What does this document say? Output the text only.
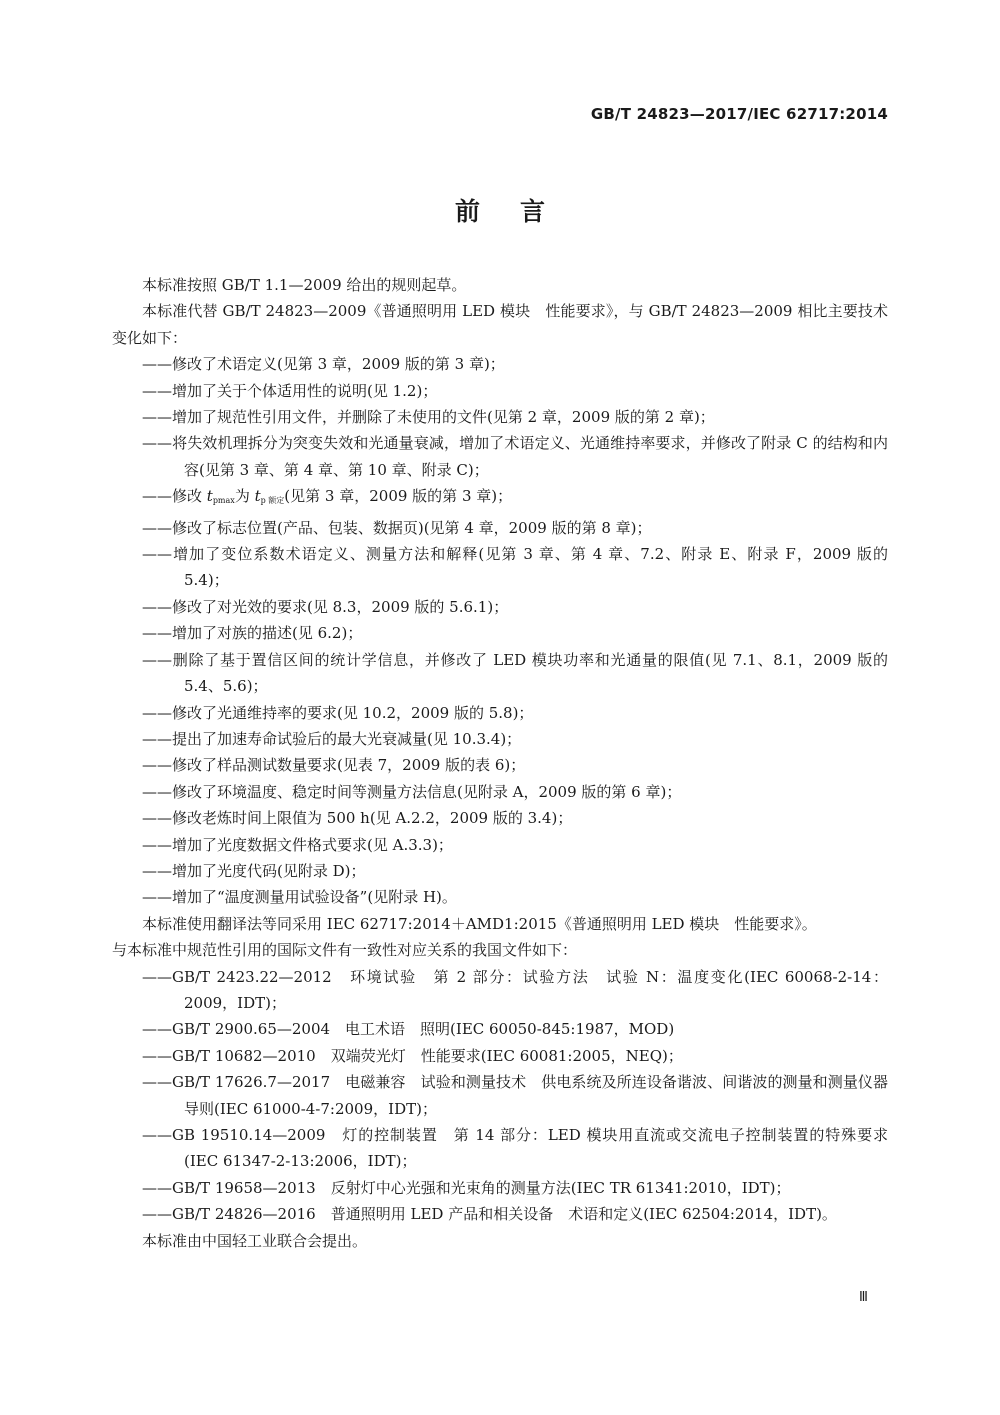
GB/T 24823—2017/IEC 62717:2014
前言

本标准按照 GB/T 1.1—2009 给出的规则起草。

本标准代替 GB/T 24823—2009《普通照明用 LED 模块　性能要求》，与 GB/T 24823—2009 相比主要技术变化如下：

——修改了术语定义(见第 3 章，2009 版的第 3 章)；

——增加了关于个体适用性的说明(见 1.2)；

——增加了规范性引用文件，并删除了未使用的文件(见第 2 章，2009 版的第 2 章)；

——将失效机理拆分为突变失效和光通量衰减，增加了术语定义、光通维持率要求，并修改了附录 C 的结构和内容(见第 3 章、第 4 章、第 10 章、附录 C)；

——修改 $t_{pmax}$为 $t_{p 额定}$(见第 3 章，2009 版的第 3 章)；

——修改了标志位置(产品、包装、数据页)(见第 4 章，2009 版的第 8 章)；

——增加了变位系数术语定义、测量方法和解释(见第 3 章、第 4 章、7.2、附录 E、附录 F，2009 版的 5.4)；

——修改了对光效的要求(见 8.3，2009 版的 5.6.1)；

——增加了对族的描述(见 6.2)；

——删除了基于置信区间的统计学信息，并修改了 LED 模块功率和光通量的限值(见 7.1、8.1，2009 版的 5.4、5.6)；

——修改了光通维持率的要求(见 10.2，2009 版的 5.8)；

——提出了加速寿命试验后的最大光衰减量(见 10.3.4)；

——修改了样品测试数量要求(见表 7，2009 版的表 6)；

——修改了环境温度、稳定时间等测量方法信息(见附录 A，2009 版的第 6 章)；

——修改老炼时间上限值为 500 h(见 A.2.2，2009 版的 3.4)；

——增加了光度数据文件格式要求(见 A.3.3)；

——增加了光度代码(见附录 D)；

——增加了“温度测量用试验设备”(见附录 H)。

本标准使用翻译法等同采用 IEC 62717:2014＋AMD1:2015《普通照明用 LED 模块　性能要求》。

与本标准中规范性引用的国际文件有一致性对应关系的我国文件如下：

——GB/T 2423.22—2012　环境试验　第 2 部分：试验方法　试验 N：温度变化(IEC 60068-2-14：2009，IDT)；

——GB/T 2900.65—2004　电工术语　照明(IEC 60050-845:1987，MOD)

——GB/T 10682—2010　双端荧光灯　性能要求(IEC 60081:2005，NEQ)；

——GB/T 17626.7—2017　电磁兼容　试验和测量技术　供电系统及所连设备谐波、间谐波的测量和测量仪器导则(IEC 61000-4-7:2009，IDT)；

——GB 19510.14—2009　灯的控制装置　第 14 部分：LED 模块用直流或交流电子控制装置的特殊要求(IEC 61347-2-13:2006，IDT)；

——GB/T 19658—2013　反射灯中心光强和光束角的测量方法(IEC TR 61341:2010，IDT)；

——GB/T 24826—2016　普通照明用 LED 产品和相关设备　术语和定义(IEC 62504:2014，IDT)。

本标准由中国轻工业联合会提出。

Ⅲ
